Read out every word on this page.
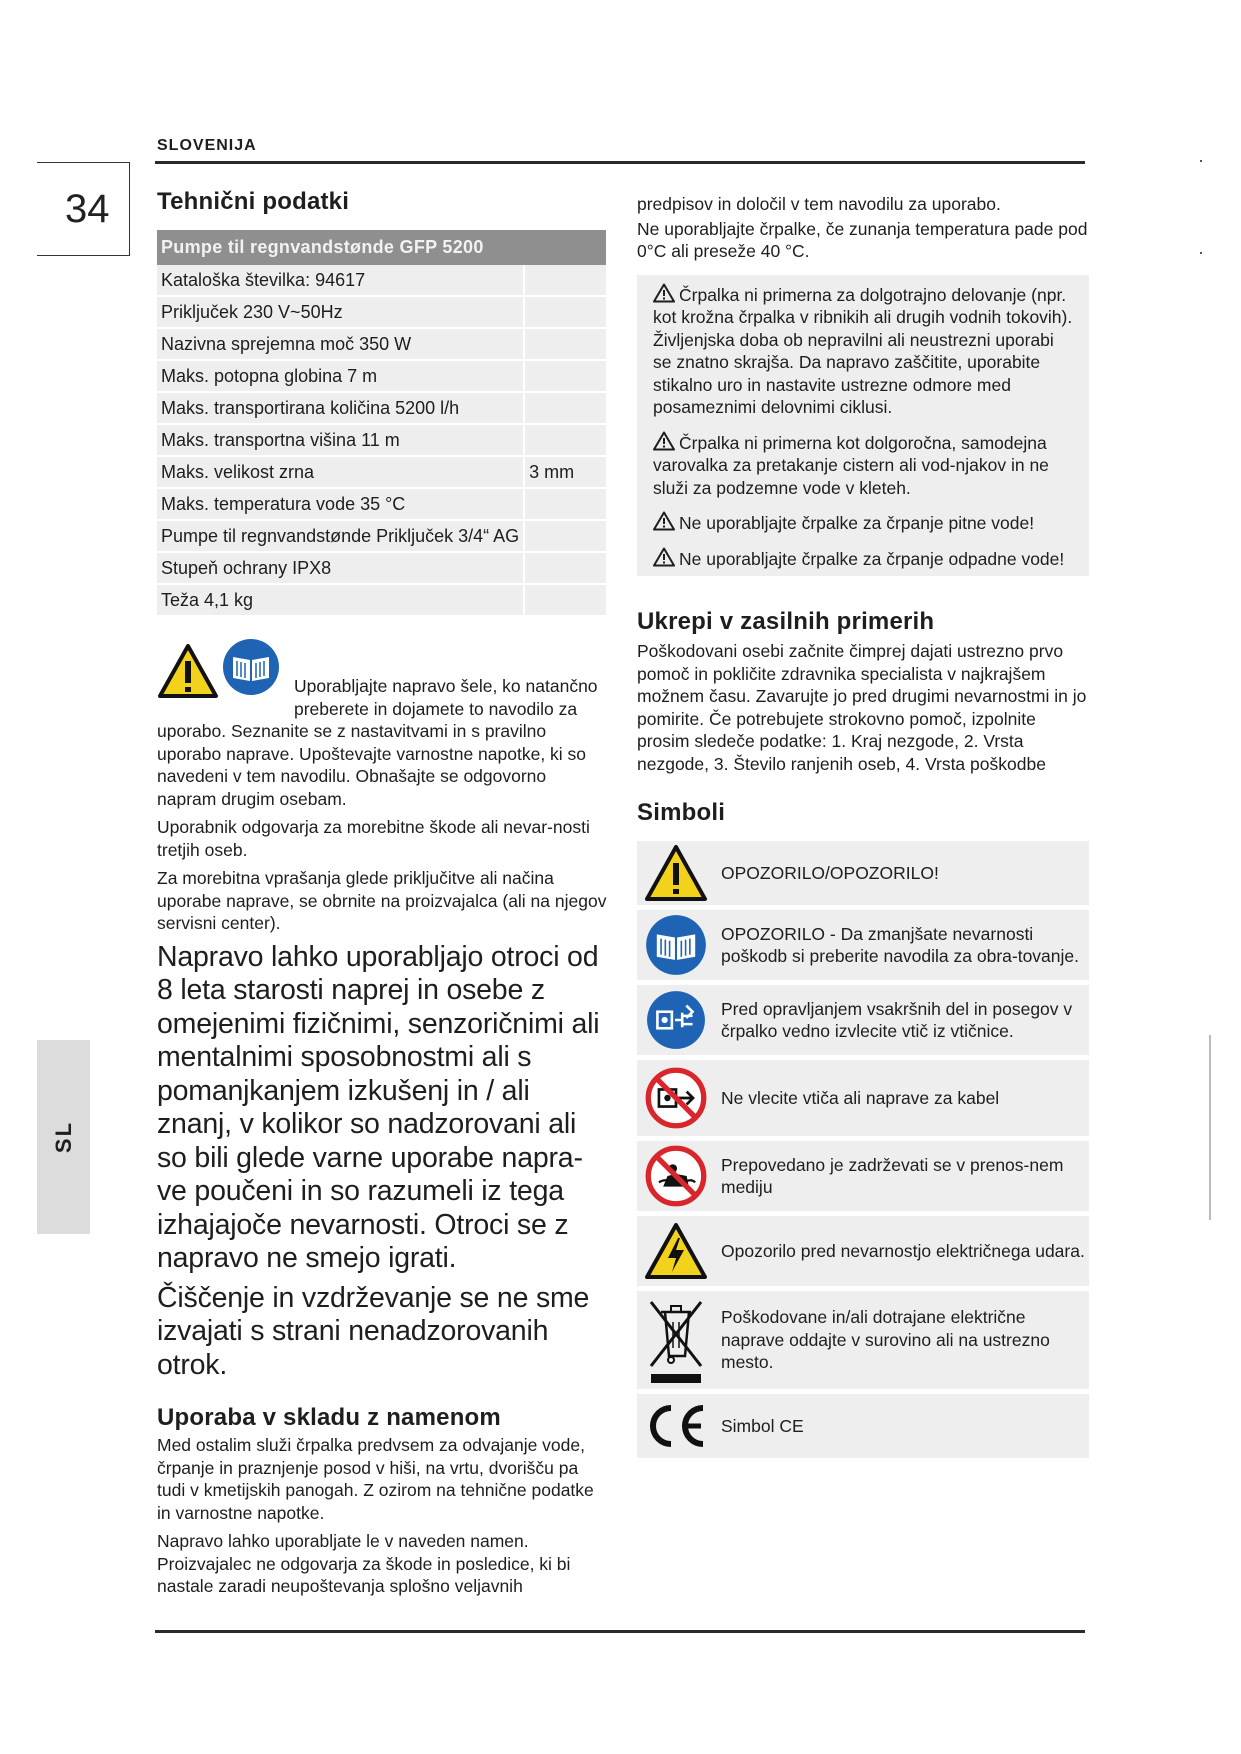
SLOVENIJA
34
SL
Tehnični podatki
Pumpe til regnvandstønde GFP 5200	
Kataloška številka: 94617	
Priključek 230 V~50Hz	
Nazivna sprejemna moč 350 W	
Maks. potopna globina 7 m	
Maks. transportirana količina 5200 l/h	
Maks. transportna višina 11 m	
Maks. velikost zrna	3 mm
Maks. temperatura vode 35 °C	
Pumpe til regnvandstønde Priključek 3/4“ AG	
Stupeň ochrany IPX8	
Teža 4,1 kg	
Uporabljajte napravo šele, ko natančno preberete in dojamete to navodilo za uporabo. Seznanite se z nastavitvami in s pravilno uporabo naprave. Upoštevajte varnostne napotke, ki so navedeni v tem navodilu. Obnašajte se odgovorno napram drugim osebam.

Uporabnik odgovarja za morebitne škode ali nevar-nosti tretjih oseb.

Za morebitna vprašanja glede priključitve ali načina uporabe naprave, se obrnite na proizvajalca (ali na njegov servisni center).

Napravo lahko uporabljajo otroci od 8 leta starosti naprej in osebe z omejenimi fizičnimi, senzoričnimi ali mentalnimi sposobnostmi ali s pomanjkanjem izkušenj in / ali znanj, v kolikor so nadzorovani ali so bili glede varne uporabe napra-ve poučeni in so razumeli iz tega izhajajoče nevarnosti. Otroci se z napravo ne smejo igrati.

Čiščenje in vzdrževanje se ne sme izvajati s strani nenadzorovanih otrok.

Uporaba v skladu z namenom

Med ostalim služi črpalka predvsem za odvajanje vode, črpanje in praznjenje posod v hiši, na vrtu, dvorišču pa tudi v kmetijskih panogah. Z ozirom na tehnične podatke in varnostne napotke.

Napravo lahko uporabljate le v naveden namen. Proizvajalec ne odgovarja za škode in posledice, ki bi nastale zaradi neupoštevanja splošno veljavnih

predpisov in določil v tem navodilu za uporabo.

Ne uporabljajte črpalke, če zunanja temperatura pade pod 0°C ali preseže 40 °C.

Črpalka ni primerna za dolgotrajno delovanje (npr. kot krožna črpalka v ribnikih ali drugih vodnih tokovih). Življenjska doba ob nepravilni ali neustrezni uporabi se znatno skrajša. Da napravo zaščitite, uporabite stikalno uro in nastavite ustrezne odmore med posameznimi delovnimi ciklusi.
Črpalka ni primerna kot dolgoročna, samodejna varovalka za pretakanje cistern ali vod-njakov in ne služi za podzemne vode v kleteh.
Ne uporabljajte črpalke za črpanje pitne vode!
Ne uporabljajte črpalke za črpanje odpadne vode!
Ukrepi v zasilnih primerih

Poškodovani osebi začnite čimprej dajati ustrezno prvo pomoč in pokličite zdravnika specialista v najkrajšem možnem času. Zavarujte jo pred drugimi nevarnostmi in jo pomirite. Če potrebujete strokovno pomoč, izpolnite prosim sledeče podatke: 1. Kraj nezgode, 2. Vrsta nezgode, 3. Število ranjenih oseb, 4. Vrsta poškodbe

Simboli
OPOZORILO/OPOZORILO!
OPOZORILO - Da zmanjšate nevarnosti poškodb si preberite navodila za obra-tovanje.
Pred opravljanjem vsakršnih del in posegov v črpalko vedno izvlecite vtič iz vtičnice.
Ne vlecite vtiča ali naprave za kabel
Prepovedano je zadrževati se v prenos-nem mediju
Opozorilo pred nevarnostjo električnega udara.
Poškodovane in/ali dotrajane električne naprave oddajte v surovino ali na ustrezno mesto.
Simbol CE
